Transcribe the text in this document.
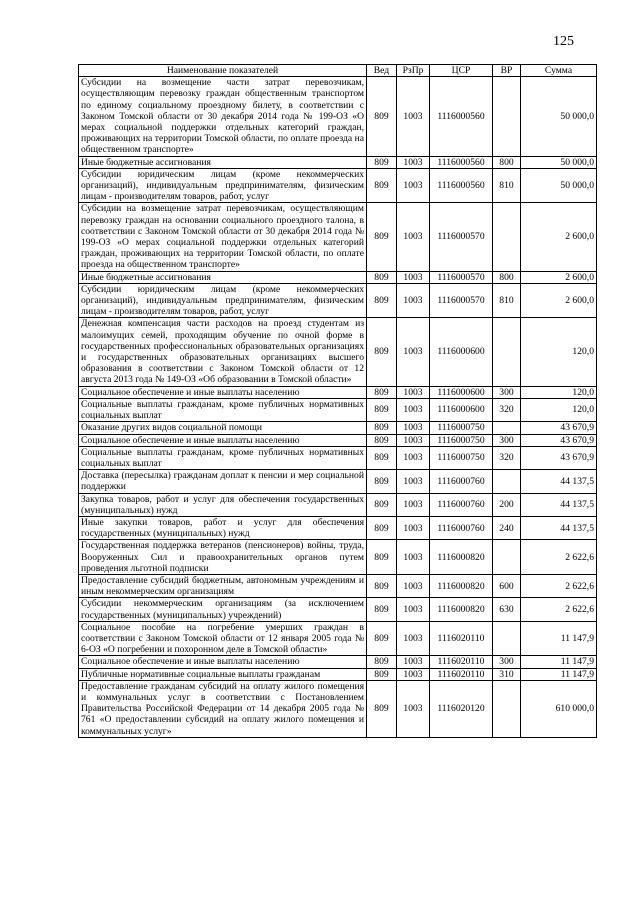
125
Наименование показателей	Вед	РзПр	ЦСР	ВР	Сумма
Субсидии на возмещение части затрат перевозчикам, осуществляющим перевозку граждан общественным транспортом по единому социальному проездному билету, в соответствии с Законом Томской области от 30 декабря 2014 года № 199-ОЗ «О мерах социальной поддержки отдельных категорий граждан, проживающих на территории Томской области, по оплате проезда на общественном транспорте»	809	1003	1116000560		50 000,0
Иные бюджетные ассигнования	809	1003	1116000560	800	50 000,0
Субсидии юридическим лицам (кроме некоммерческих организаций), индивидуальным предпринимателям, физическим лицам - производителям товаров, работ, услуг	809	1003	1116000560	810	50 000,0
Субсидии на возмещение затрат перевозчикам, осуществляющим перевозку граждан на основании социального проездного талона, в соответствии с Законом Томской области от 30 декабря 2014 года № 199-ОЗ «О мерах социальной поддержки отдельных категорий граждан, проживающих на территории Томской области, по оплате проезда на общественном транспорте»	809	1003	1116000570		2 600,0
Иные бюджетные ассигнования	809	1003	1116000570	800	2 600,0
Субсидии юридическим лицам (кроме некоммерческих организаций), индивидуальным предпринимателям, физическим лицам - производителям товаров, работ, услуг	809	1003	1116000570	810	2 600,0
Денежная компенсация части расходов на проезд студентам из малоимущих семей, проходящим обучение по очной форме в государственных профессиональных образовательных организациях и государственных образовательных организациях высшего образования в соответствии с Законом Томской области от 12 августа 2013 года № 149-ОЗ «Об образовании в Томской области»	809	1003	1116000600		120,0
Социальное обеспечение и иные выплаты населению	809	1003	1116000600	300	120,0
Социальные выплаты гражданам, кроме публичных нормативных социальных выплат	809	1003	1116000600	320	120,0
Оказание других видов социальной помощи	809	1003	1116000750		43 670,9
Социальное обеспечение и иные выплаты населению	809	1003	1116000750	300	43 670,9
Социальные выплаты гражданам, кроме публичных нормативных социальных выплат	809	1003	1116000750	320	43 670,9
Доставка (пересылка) гражданам доплат к пенсии и мер социальной поддержки	809	1003	1116000760		44 137,5
Закупка товаров, работ и услуг для обеспечения государственных (муниципальных) нужд	809	1003	1116000760	200	44 137,5
Иные закупки товаров, работ и услуг для обеспечения государственных (муниципальных) нужд	809	1003	1116000760	240	44 137,5
Государственная поддержка ветеранов (пенсионеров) войны, труда, Вооруженных Сил и правоохранительных органов путем проведения льготной подписки	809	1003	1116000820		2 622,6
Предоставление субсидий бюджетным, автономным учреждениям и иным некоммерческим организациям	809	1003	1116000820	600	2 622,6
Субсидии некоммерческим организациям (за исключением государственных (муниципальных) учреждений)	809	1003	1116000820	630	2 622,6
Социальное пособие на погребение умерших граждан в соответствии с Законом Томской области от 12 января 2005 года № 6-ОЗ «О погребении и похоронном деле в Томской области»	809	1003	1116020110		11 147,9
Социальное обеспечение и иные выплаты населению	809	1003	1116020110	300	11 147,9
Публичные нормативные социальные выплаты гражданам	809	1003	1116020110	310	11 147,9
Предоставление гражданам субсидий на оплату жилого помещения и коммунальных услуг в соответствии с Постановлением Правительства Российской Федерации от 14 декабря 2005 года № 761 «О предоставлении субсидий на оплату жилого помещения и коммунальных услуг»	809	1003	1116020120		610 000,0
